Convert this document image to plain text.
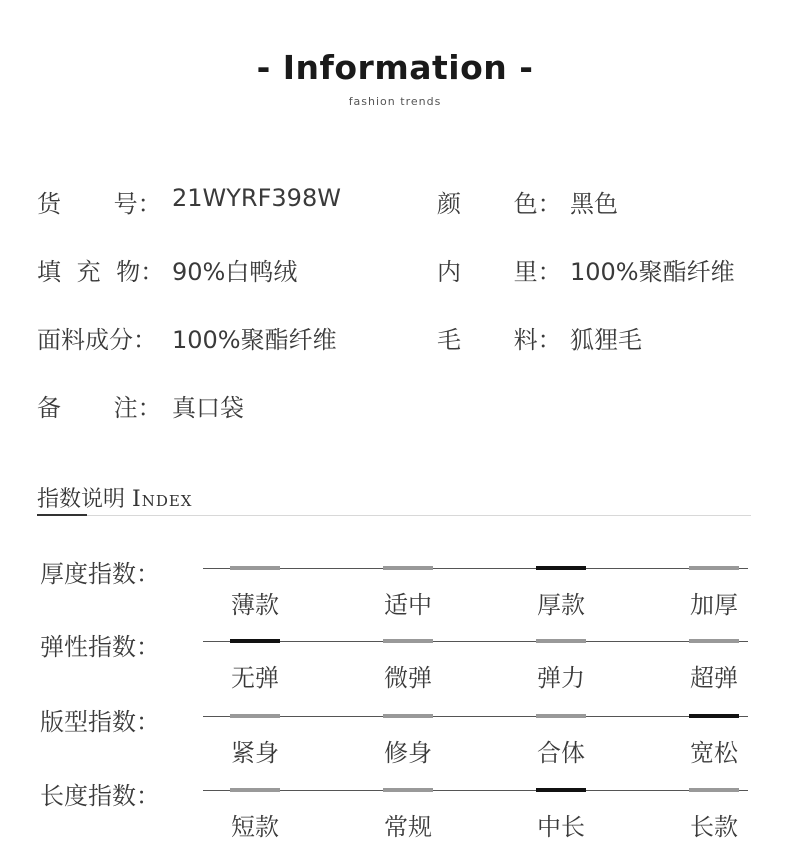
- Information -
fashion trends
货 号： 21WYRF398W	颜 色： 黑色
填 充 物： 90%白鸭绒	内 里： 100%聚酯纤维
面料成分： 100%聚酯纤维	毛 料： 狐狸毛
备 注： 真口袋
指数说明 Index
厚度指数：
薄款	适中	厚款	加厚
弹性指数：
无弹	微弹	弹力	超弹
版型指数：
紧身	修身	合体	宽松
长度指数：
短款	常规	中长	长款
